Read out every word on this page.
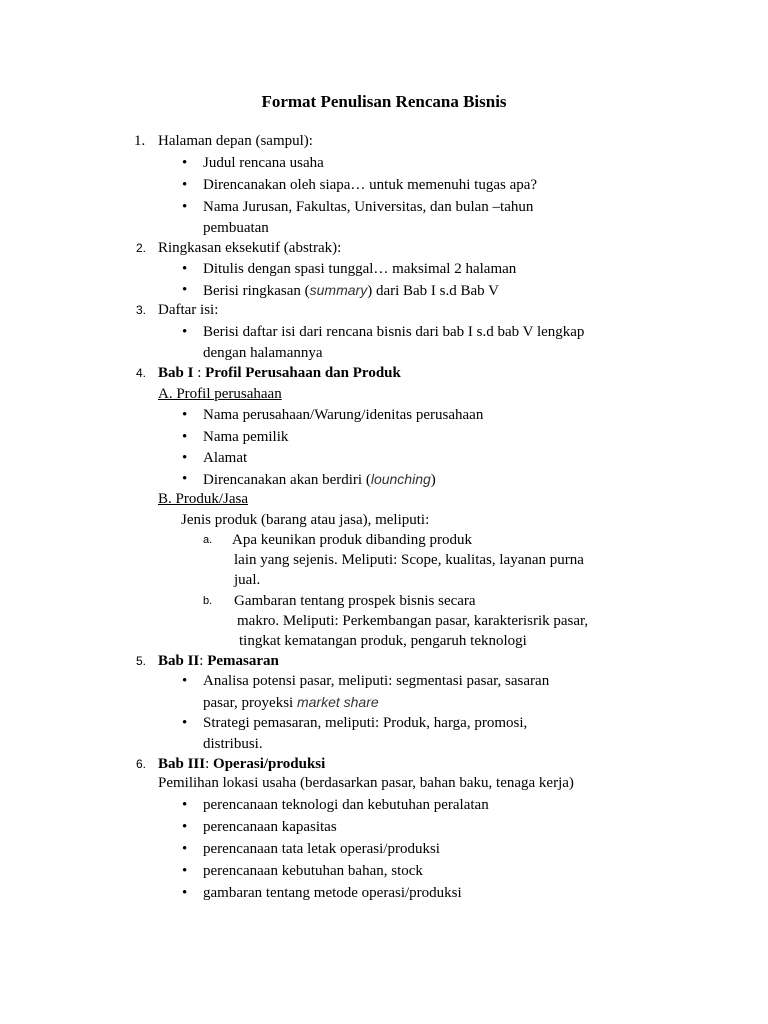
Format Penulisan Rencana Bisnis
1. Halaman depan (sampul):
• Judul rencana usaha
• Direncanakan oleh siapa… untuk memenuhi tugas apa?
• Nama Jurusan, Fakultas, Universitas, dan bulan –tahun
pembuatan
2. Ringkasan eksekutif (abstrak):
• Ditulis dengan spasi tunggal… maksimal 2 halaman
• Berisi ringkasan (summary) dari Bab I s.d Bab V
3. Daftar isi:
• Berisi daftar isi dari rencana bisnis dari bab I s.d bab V lengkap
dengan halamannya
4. Bab I : Profil Perusahaan dan Produk
A. Profil perusahaan
• Nama perusahaan/Warung/idenitas perusahaan
• Nama pemilik
• Alamat
• Direncanakan akan berdiri (lounching)
B. Produk/Jasa
Jenis produk (barang atau jasa), meliputi:
a. Apa keunikan produk dibanding produk
lain yang sejenis. Meliputi: Scope, kualitas, layanan purna
jual.
b. Gambaran tentang prospek bisnis secara
makro. Meliputi: Perkembangan pasar, karakterisrik pasar,
tingkat kematangan produk, pengaruh teknologi
5. Bab II: Pemasaran
• Analisa potensi pasar, meliputi: segmentasi pasar, sasaran
pasar, proyeksi market share
• Strategi pemasaran, meliputi: Produk, harga, promosi,
distribusi.
6. Bab III: Operasi/produksi
Pemilihan lokasi usaha (berdasarkan pasar, bahan baku, tenaga kerja)
• perencanaan teknologi dan kebutuhan peralatan
• perencanaan kapasitas
• perencanaan tata letak operasi/produksi
• perencanaan kebutuhan bahan, stock
• gambaran tentang metode operasi/produksi
